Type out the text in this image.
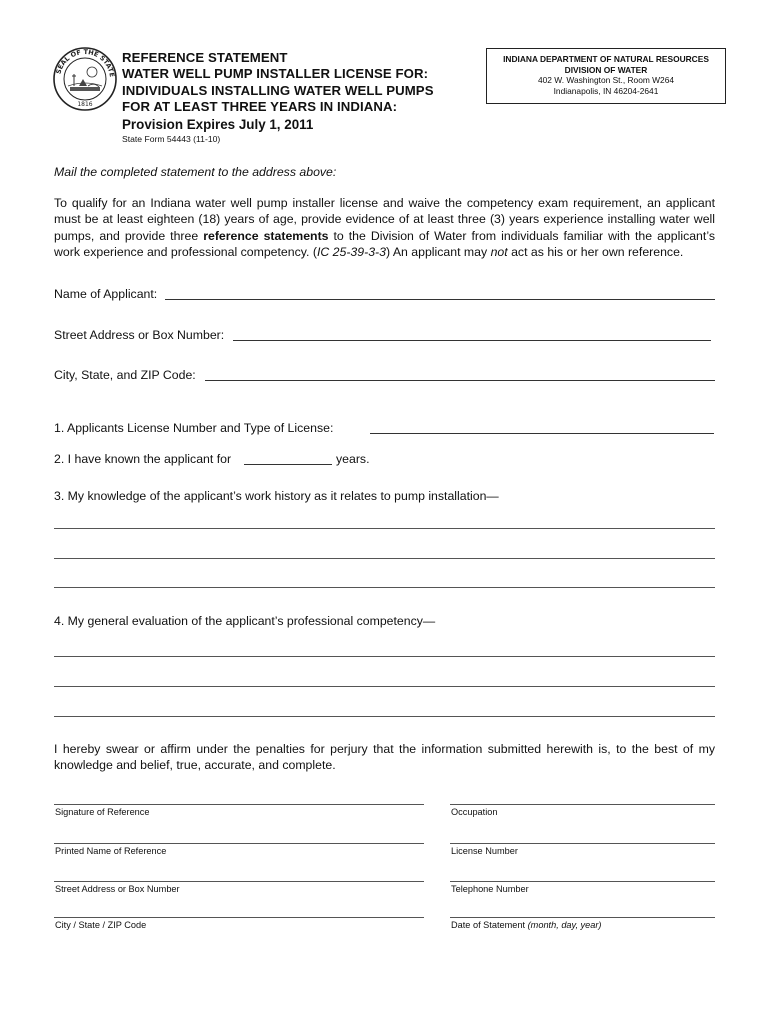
SEAL OF THE STATE
1816
REFERENCE STATEMENT
WATER WELL PUMP INSTALLER LICENSE FOR:
INDIVIDUALS INSTALLING WATER WELL PUMPS
FOR AT LEAST THREE YEARS IN INDIANA:
Provision Expires July 1, 2011
State Form 54443 (11-10)
INDIANA DEPARTMENT OF NATURAL RESOURCES
DIVISION OF WATER
402 W. Washington St., Room W264
Indianapolis, IN 46204-2641
Mail the completed statement to the address above:
To qualify for an Indiana water well pump installer license and waive the competency exam requirement, an applicant must be at least eighteen (18) years of age, provide evidence of at least three (3) years experience installing water well pumps, and provide three reference statements to the Division of Water from individuals familiar with the applicant’s work experience and professional competency. (IC 25-39-3-3) An applicant may not act as his or her own reference.
Name of Applicant:
Street Address or Box Number:
City, State, and ZIP Code:
1. Applicants License Number and Type of License:
2. I have known the applicant for	years.
3. My knowledge of the applicant’s work history as it relates to pump installation—
4. My general evaluation of the applicant’s professional competency—
I hereby swear or affirm under the penalties for perjury that the information submitted herewith is, to the best of my knowledge and belief, true, accurate, and complete.
Signature of Reference	Occupation
Printed Name of Reference	License Number
Street Address or Box Number	Telephone Number
City / State / ZIP Code	Date of Statement (month, day, year)
